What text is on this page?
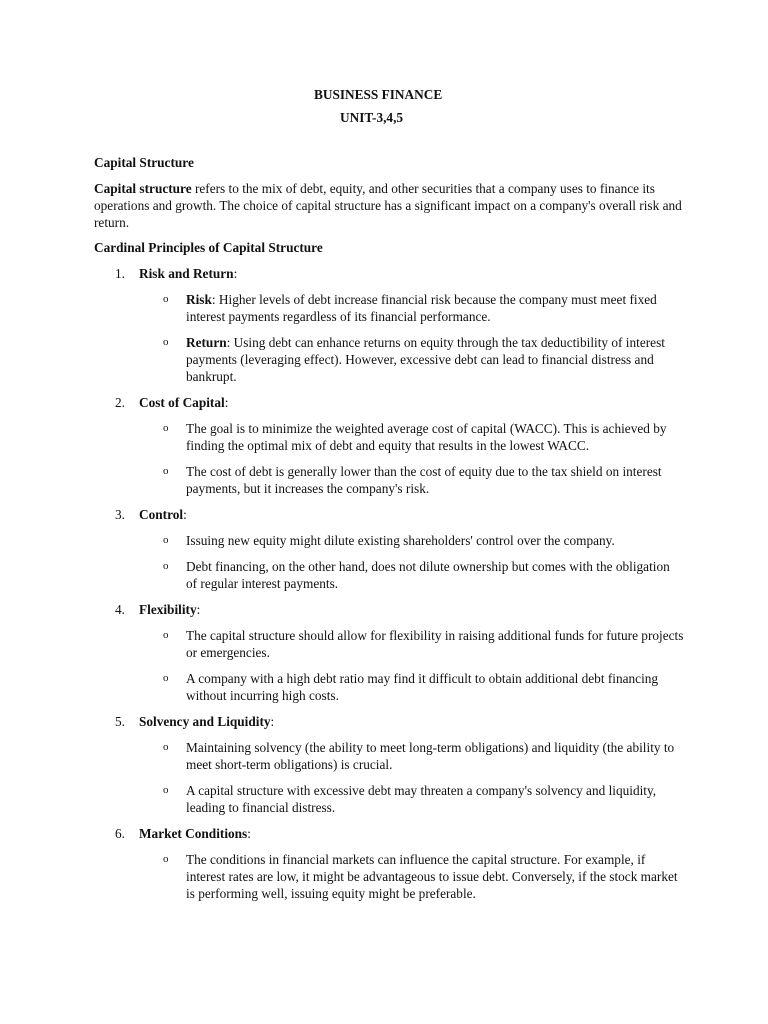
BUSINESS FINANCE

UNIT-3,4,5

Capital Structure

Capital structure refers to the mix of debt, equity, and other securities that a company uses to finance its operations and growth. The choice of capital structure has a significant impact on a company's overall risk and return.

Cardinal Principles of Capital Structure

1. Risk and Return:
o Risk: Higher levels of debt increase financial risk because the company must meet fixed interest payments regardless of its financial performance.
o Return: Using debt can enhance returns on equity through the tax deductibility of interest payments (leveraging effect). However, excessive debt can lead to financial distress and bankrupt.
2. Cost of Capital:
o The goal is to minimize the weighted average cost of capital (WACC). This is achieved by finding the optimal mix of debt and equity that results in the lowest WACC.
o The cost of debt is generally lower than the cost of equity due to the tax shield on interest payments, but it increases the company's risk.
3. Control:
o Issuing new equity might dilute existing shareholders' control over the company.
o Debt financing, on the other hand, does not dilute ownership but comes with the obligation of regular interest payments.
4. Flexibility:
o The capital structure should allow for flexibility in raising additional funds for future projects or emergencies.
o A company with a high debt ratio may find it difficult to obtain additional debt financing without incurring high costs.
5. Solvency and Liquidity:
o Maintaining solvency (the ability to meet long-term obligations) and liquidity (the ability to meet short-term obligations) is crucial.
o A capital structure with excessive debt may threaten a company's solvency and liquidity, leading to financial distress.
6. Market Conditions:
o The conditions in financial markets can influence the capital structure. For example, if interest rates are low, it might be advantageous to issue debt. Conversely, if the stock market is performing well, issuing equity might be preferable.
